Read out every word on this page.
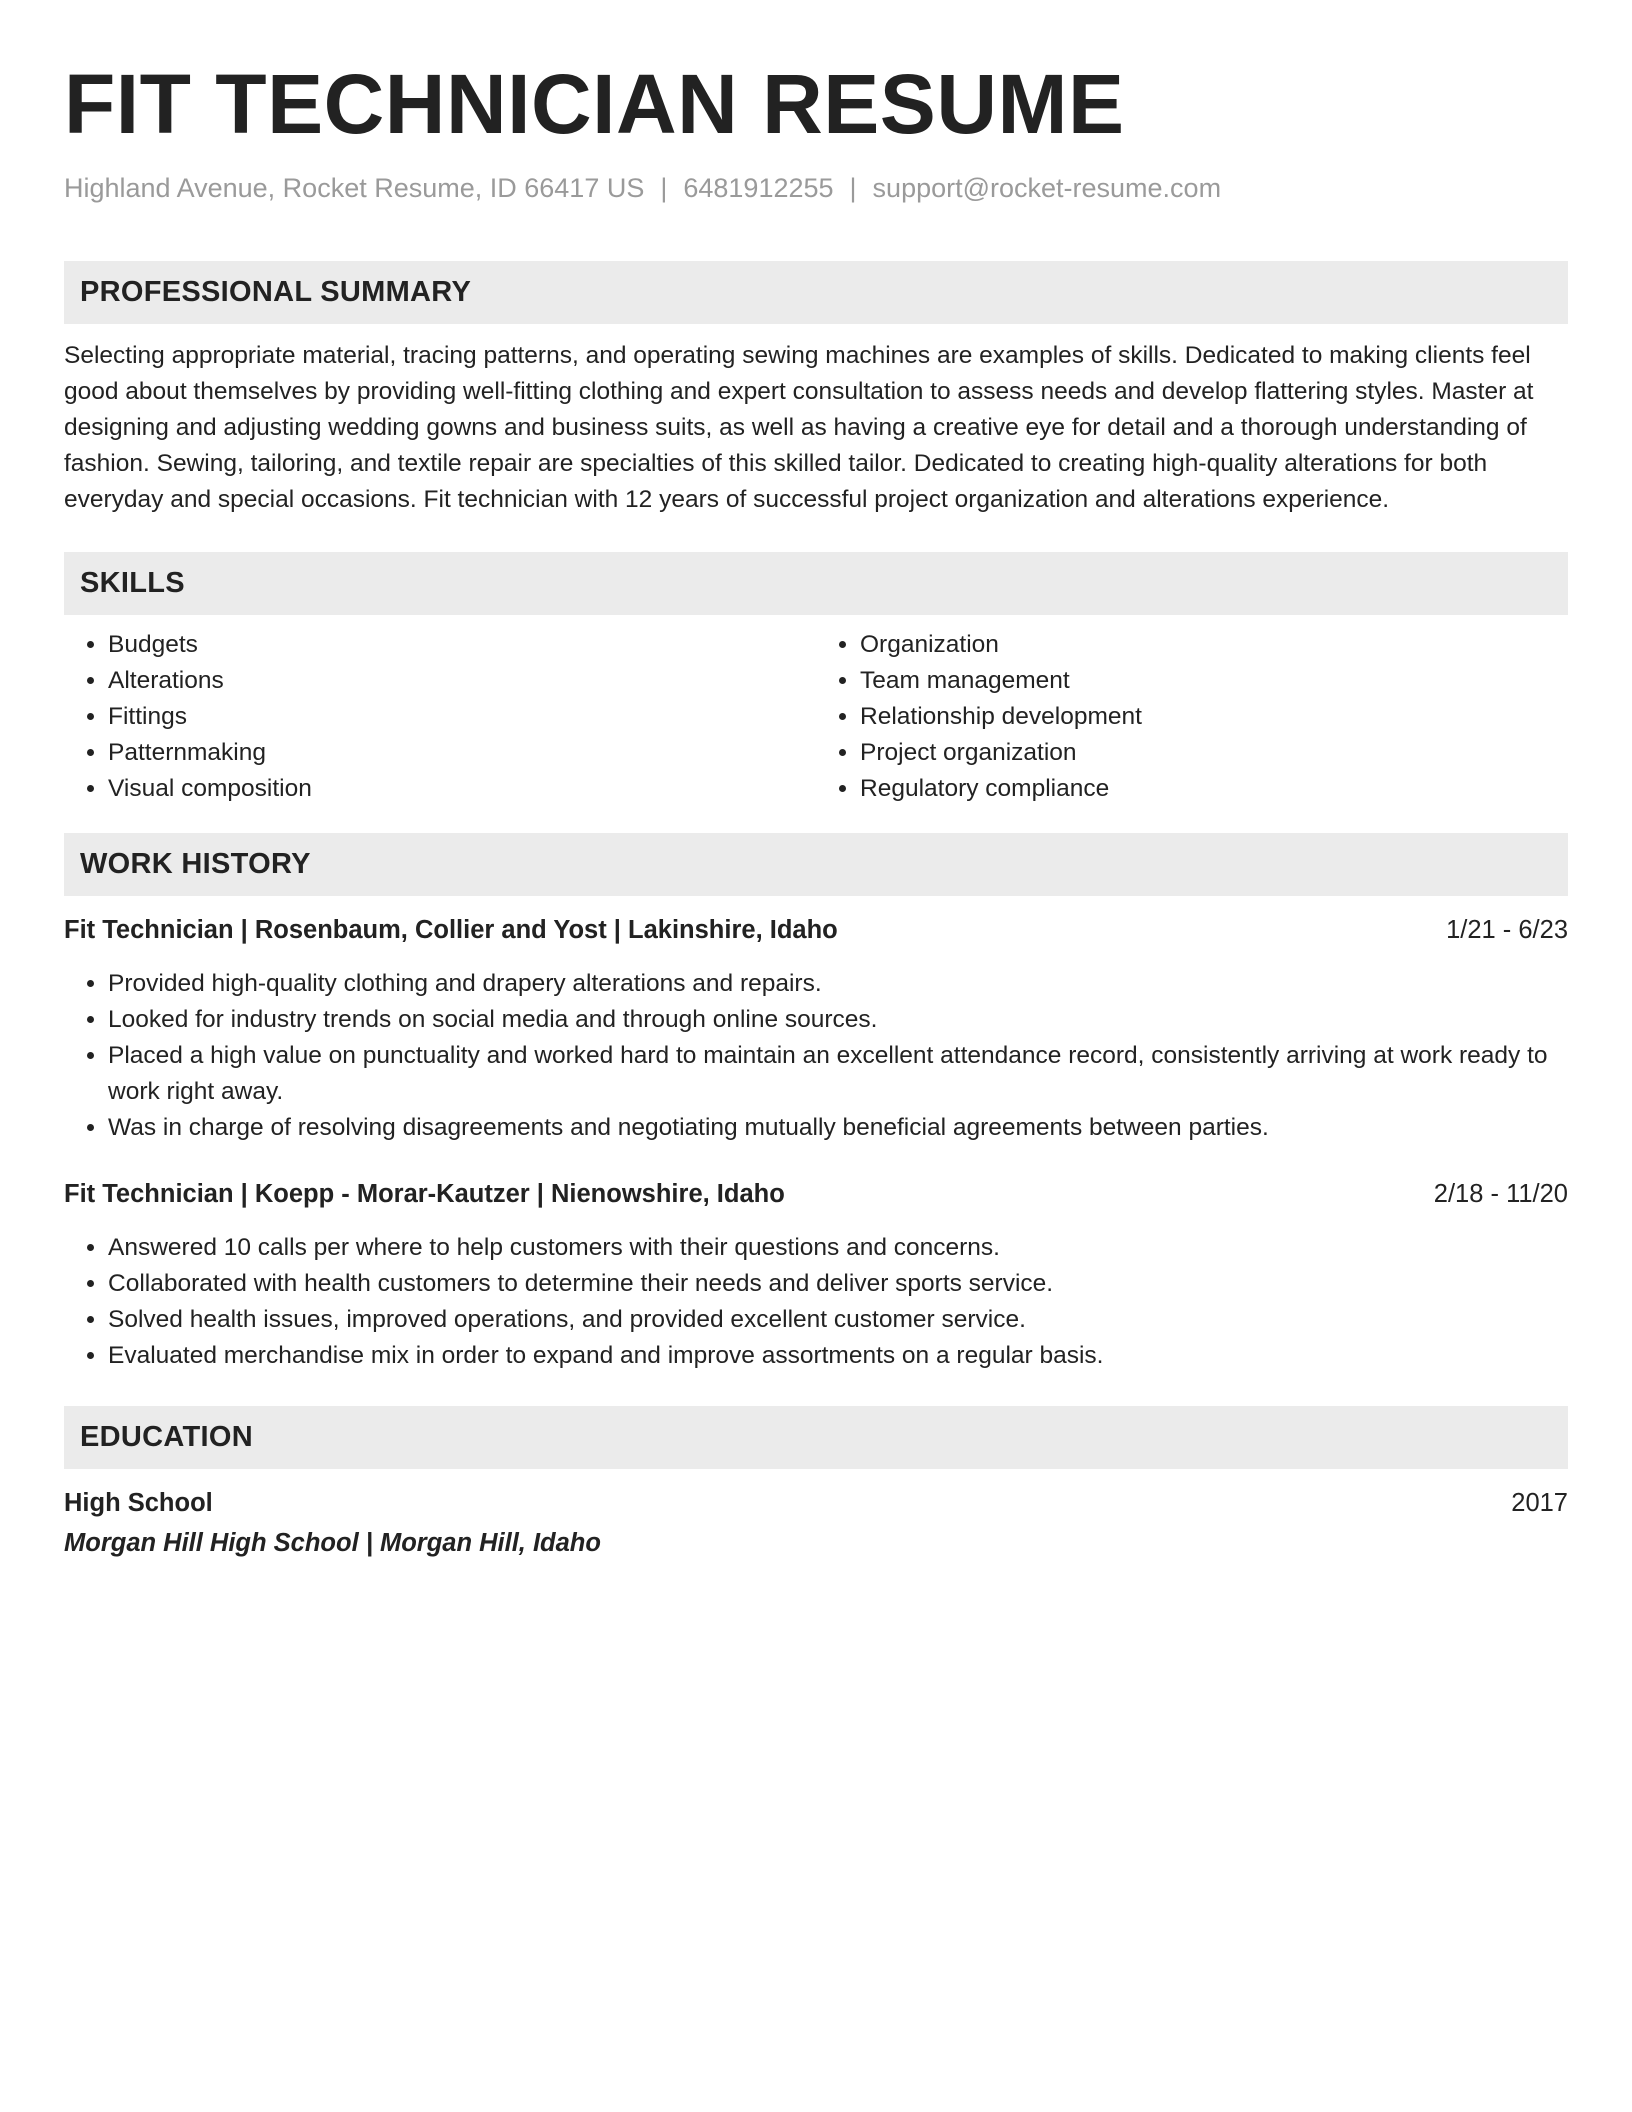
FIT TECHNICIAN RESUME
Highland Avenue, Rocket Resume, ID 66417 US | 6481912255 | support@rocket-resume.com
PROFESSIONAL SUMMARY
Selecting appropriate material, tracing patterns, and operating sewing machines are examples of skills. Dedicated to making clients feel good about themselves by providing well-fitting clothing and expert consultation to assess needs and develop flattering styles. Master at designing and adjusting wedding gowns and business suits, as well as having a creative eye for detail and a thorough understanding of fashion. Sewing, tailoring, and textile repair are specialties of this skilled tailor. Dedicated to creating high-quality alterations for both everyday and special occasions. Fit technician with 12 years of successful project organization and alterations experience.
SKILLS
• Budgets
• Alterations
• Fittings
• Patternmaking
• Visual composition
• Organization
• Team management
• Relationship development
• Project organization
• Regulatory compliance
WORK HISTORY
Fit Technician | Rosenbaum, Collier and Yost | Lakinshire, Idaho	1/21 - 6/23
• Provided high-quality clothing and drapery alterations and repairs.
• Looked for industry trends on social media and through online sources.
• Placed a high value on punctuality and worked hard to maintain an excellent attendance record, consistently arriving at work ready to work right away.
• Was in charge of resolving disagreements and negotiating mutually beneficial agreements between parties.
Fit Technician | Koepp - Morar-Kautzer | Nienowshire, Idaho	2/18 - 11/20
• Answered 10 calls per where to help customers with their questions and concerns.
• Collaborated with health customers to determine their needs and deliver sports service.
• Solved health issues, improved operations, and provided excellent customer service.
• Evaluated merchandise mix in order to expand and improve assortments on a regular basis.
EDUCATION
High School	2017
Morgan Hill High School | Morgan Hill, Idaho
